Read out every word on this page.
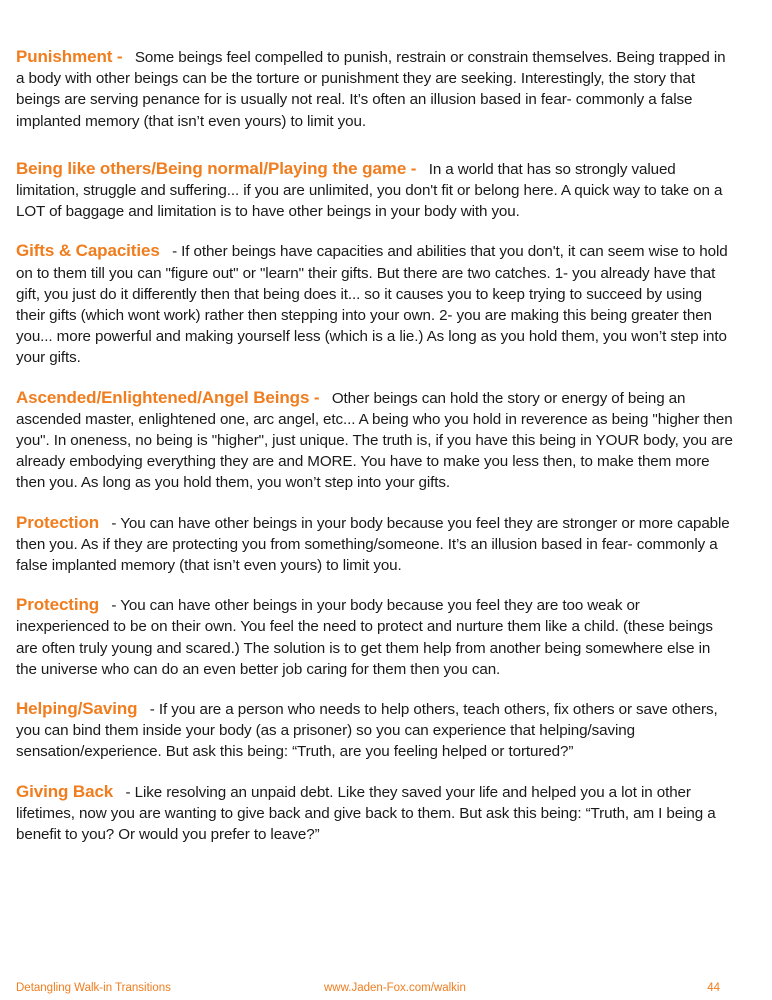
Punishment - Some beings feel compelled to punish, restrain or constrain themselves. Being trapped in a body with other beings can be the torture or punishment they are seeking. Interestingly, the story that beings are serving penance for is usually not real. It’s often an illusion based in fear- commonly a false implanted memory (that isn’t even yours) to limit you.

Being like others/Being normal/Playing the game - In a world that has so strongly valued limitation, struggle and suffering... if you are unlimited, you don't fit or belong here. A quick way to take on a LOT of baggage and limitation is to have other beings in your body with you.

Gifts & Capacities - If other beings have capacities and abilities that you don't, it can seem wise to hold on to them till you can "figure out" or "learn" their gifts. But there are two catches. 1- you already have that gift, you just do it differently then that being does it... so it causes you to keep trying to succeed by using their gifts (which wont work) rather then stepping into your own. 2- you are making this being greater then you... more powerful and making yourself less (which is a lie.) As long as you hold them, you won’t step into your gifts.

Ascended/Enlightened/Angel Beings - Other beings can hold the story or energy of being an ascended master, enlightened one, arc angel, etc... A being who you hold in reverence as being "higher then you". In oneness, no being is "higher", just unique. The truth is, if you have this being in YOUR body, you are already embodying everything they are and MORE. You have to make you less then, to make them more then you. As long as you hold them, you won’t step into your gifts.

Protection - You can have other beings in your body because you feel they are stronger or more capable then you. As if they are protecting you from something/someone. It’s an illusion based in fear- commonly a false implanted memory (that isn’t even yours) to limit you.

Protecting - You can have other beings in your body because you feel they are too weak or inexperienced to be on their own. You feel the need to protect and nurture them like a child. (these beings are often truly young and scared.) The solution is to get them help from another being somewhere else in the universe who can do an even better job caring for them then you can.

Helping/Saving - If you are a person who needs to help others, teach others, fix others or save others, you can bind them inside your body (as a prisoner) so you can experience that helping/saving sensation/experience. But ask this being: “Truth, are you feeling helped or tortured?”

Giving Back - Like resolving an unpaid debt. Like they saved your life and helped you a lot in other lifetimes, now you are wanting to give back and give back to them. But ask this being: “Truth, am I being a benefit to you? Or would you prefer to leave?”

Detangling Walk-in Transitions	www.Jaden-Fox.com/walkin	44
